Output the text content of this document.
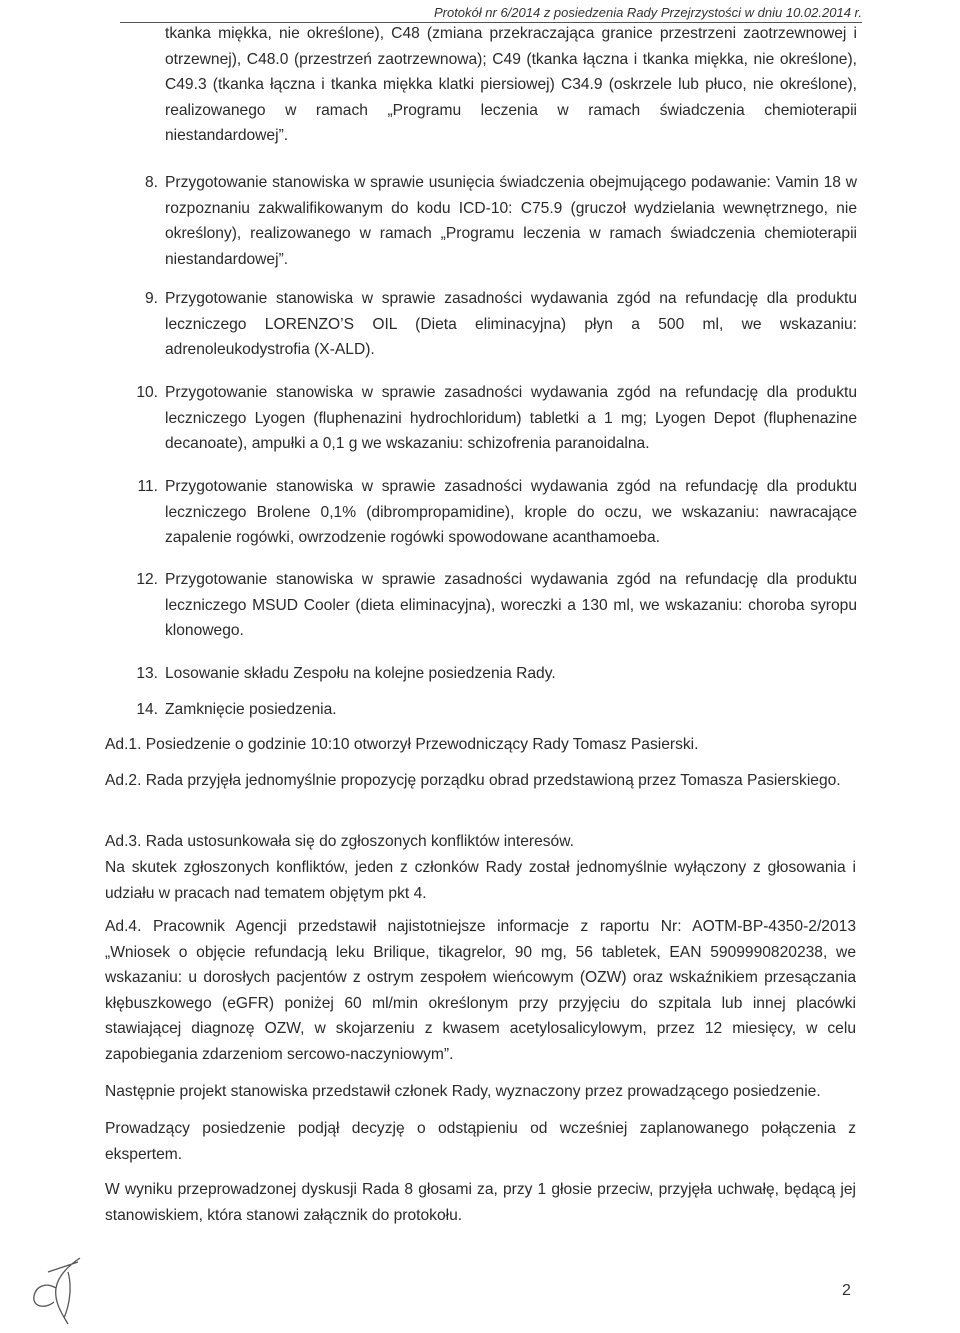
Protokół nr 6/2014 z posiedzenia Rady Przejrzystości w dniu 10.02.2014 r.
tkanka miękka, nie określone), C48 (zmiana przekraczająca granice przestrzeni zaotrzewnowej i otrzewnej), C48.0 (przestrzeń zaotrzewnowa); C49 (tkanka łączna i tkanka miękka, nie określone), C49.3 (tkanka łączna i tkanka miękka klatki piersiowej) C34.9 (oskrzele lub płuco, nie określone), realizowanego w ramach „Programu leczenia w ramach świadczenia chemioterapii niestandardowej”.
8. Przygotowanie stanowiska w sprawie usunięcia świadczenia obejmującego podawanie: Vamin 18 w rozpoznaniu zakwalifikowanym do kodu ICD-10: C75.9 (gruczoł wydzielania wewnętrznego, nie określony), realizowanego w ramach „Programu leczenia w ramach świadczenia chemioterapii niestandardowej”.
9. Przygotowanie stanowiska w sprawie zasadności wydawania zgód na refundację dla produktu leczniczego LORENZO’S OIL (Dieta eliminacyjna) płyn a 500 ml, we wskazaniu: adrenoleukodystrofia (X-ALD).
10. Przygotowanie stanowiska w sprawie zasadności wydawania zgód na refundację dla produktu leczniczego Lyogen (fluphenazini hydrochloridum) tabletki a 1 mg; Lyogen Depot (fluphenazine decanoate), ampułki a 0,1 g we wskazaniu: schizofrenia paranoidalna.
11. Przygotowanie stanowiska w sprawie zasadności wydawania zgód na refundację dla produktu leczniczego Brolene 0,1% (dibrompropamidine), krople do oczu, we wskazaniu: nawracające zapalenie rogówki, owrzodzenie rogówki spowodowane acanthamoeba.
12. Przygotowanie stanowiska w sprawie zasadności wydawania zgód na refundację dla produktu leczniczego MSUD Cooler (dieta eliminacyjna), woreczki a 130 ml, we wskazaniu: choroba syropu klonowego.
13. Losowanie składu Zespołu na kolejne posiedzenia Rady.
14. Zamknięcie posiedzenia.
Ad.1. Posiedzenie o godzinie 10:10 otworzył Przewodniczący Rady Tomasz Pasierski.
Ad.2. Rada przyjęła jednomyślnie propozycję porządku obrad przedstawioną przez Tomasza Pasierskiego.
Ad.3. Rada ustosunkowała się do zgłoszonych konfliktów interesów.
Na skutek zgłoszonych konfliktów, jeden z członków Rady został jednomyślnie wyłączony z głosowania i udziału w pracach nad tematem objętym pkt 4.
Ad.4. Pracownik Agencji przedstawił najistotniejsze informacje z raportu Nr: AOTM-BP-4350-2/2013 „Wniosek o objęcie refundacją leku Brilique, tikagrelor, 90 mg, 56 tabletek, EAN 5909990820238, we wskazaniu: u dorosłych pacjentów z ostrym zespołem wieńcowym (OZW) oraz wskaźnikiem przesączania kłębuszkowego (eGFR) poniżej 60 ml/min określonym przy przyjęciu do szpitala lub innej placówki stawiającej diagnozę OZW, w skojarzeniu z kwasem acetylosalicylowym, przez 12 miesięcy, w celu zapobiegania zdarzeniom sercowo-naczyniowym”.
Następnie projekt stanowiska przedstawił członek Rady, wyznaczony przez prowadzącego posiedzenie.
Prowadzący posiedzenie podjął decyzję o odstąpieniu od wcześniej zaplanowanego połączenia z ekspertem.
W wyniku przeprowadzonej dyskusji Rada 8 głosami za, przy 1 głosie przeciw, przyjęła uchwałę, będącą jej stanowiskiem, która stanowi załącznik do protokołu.
2
